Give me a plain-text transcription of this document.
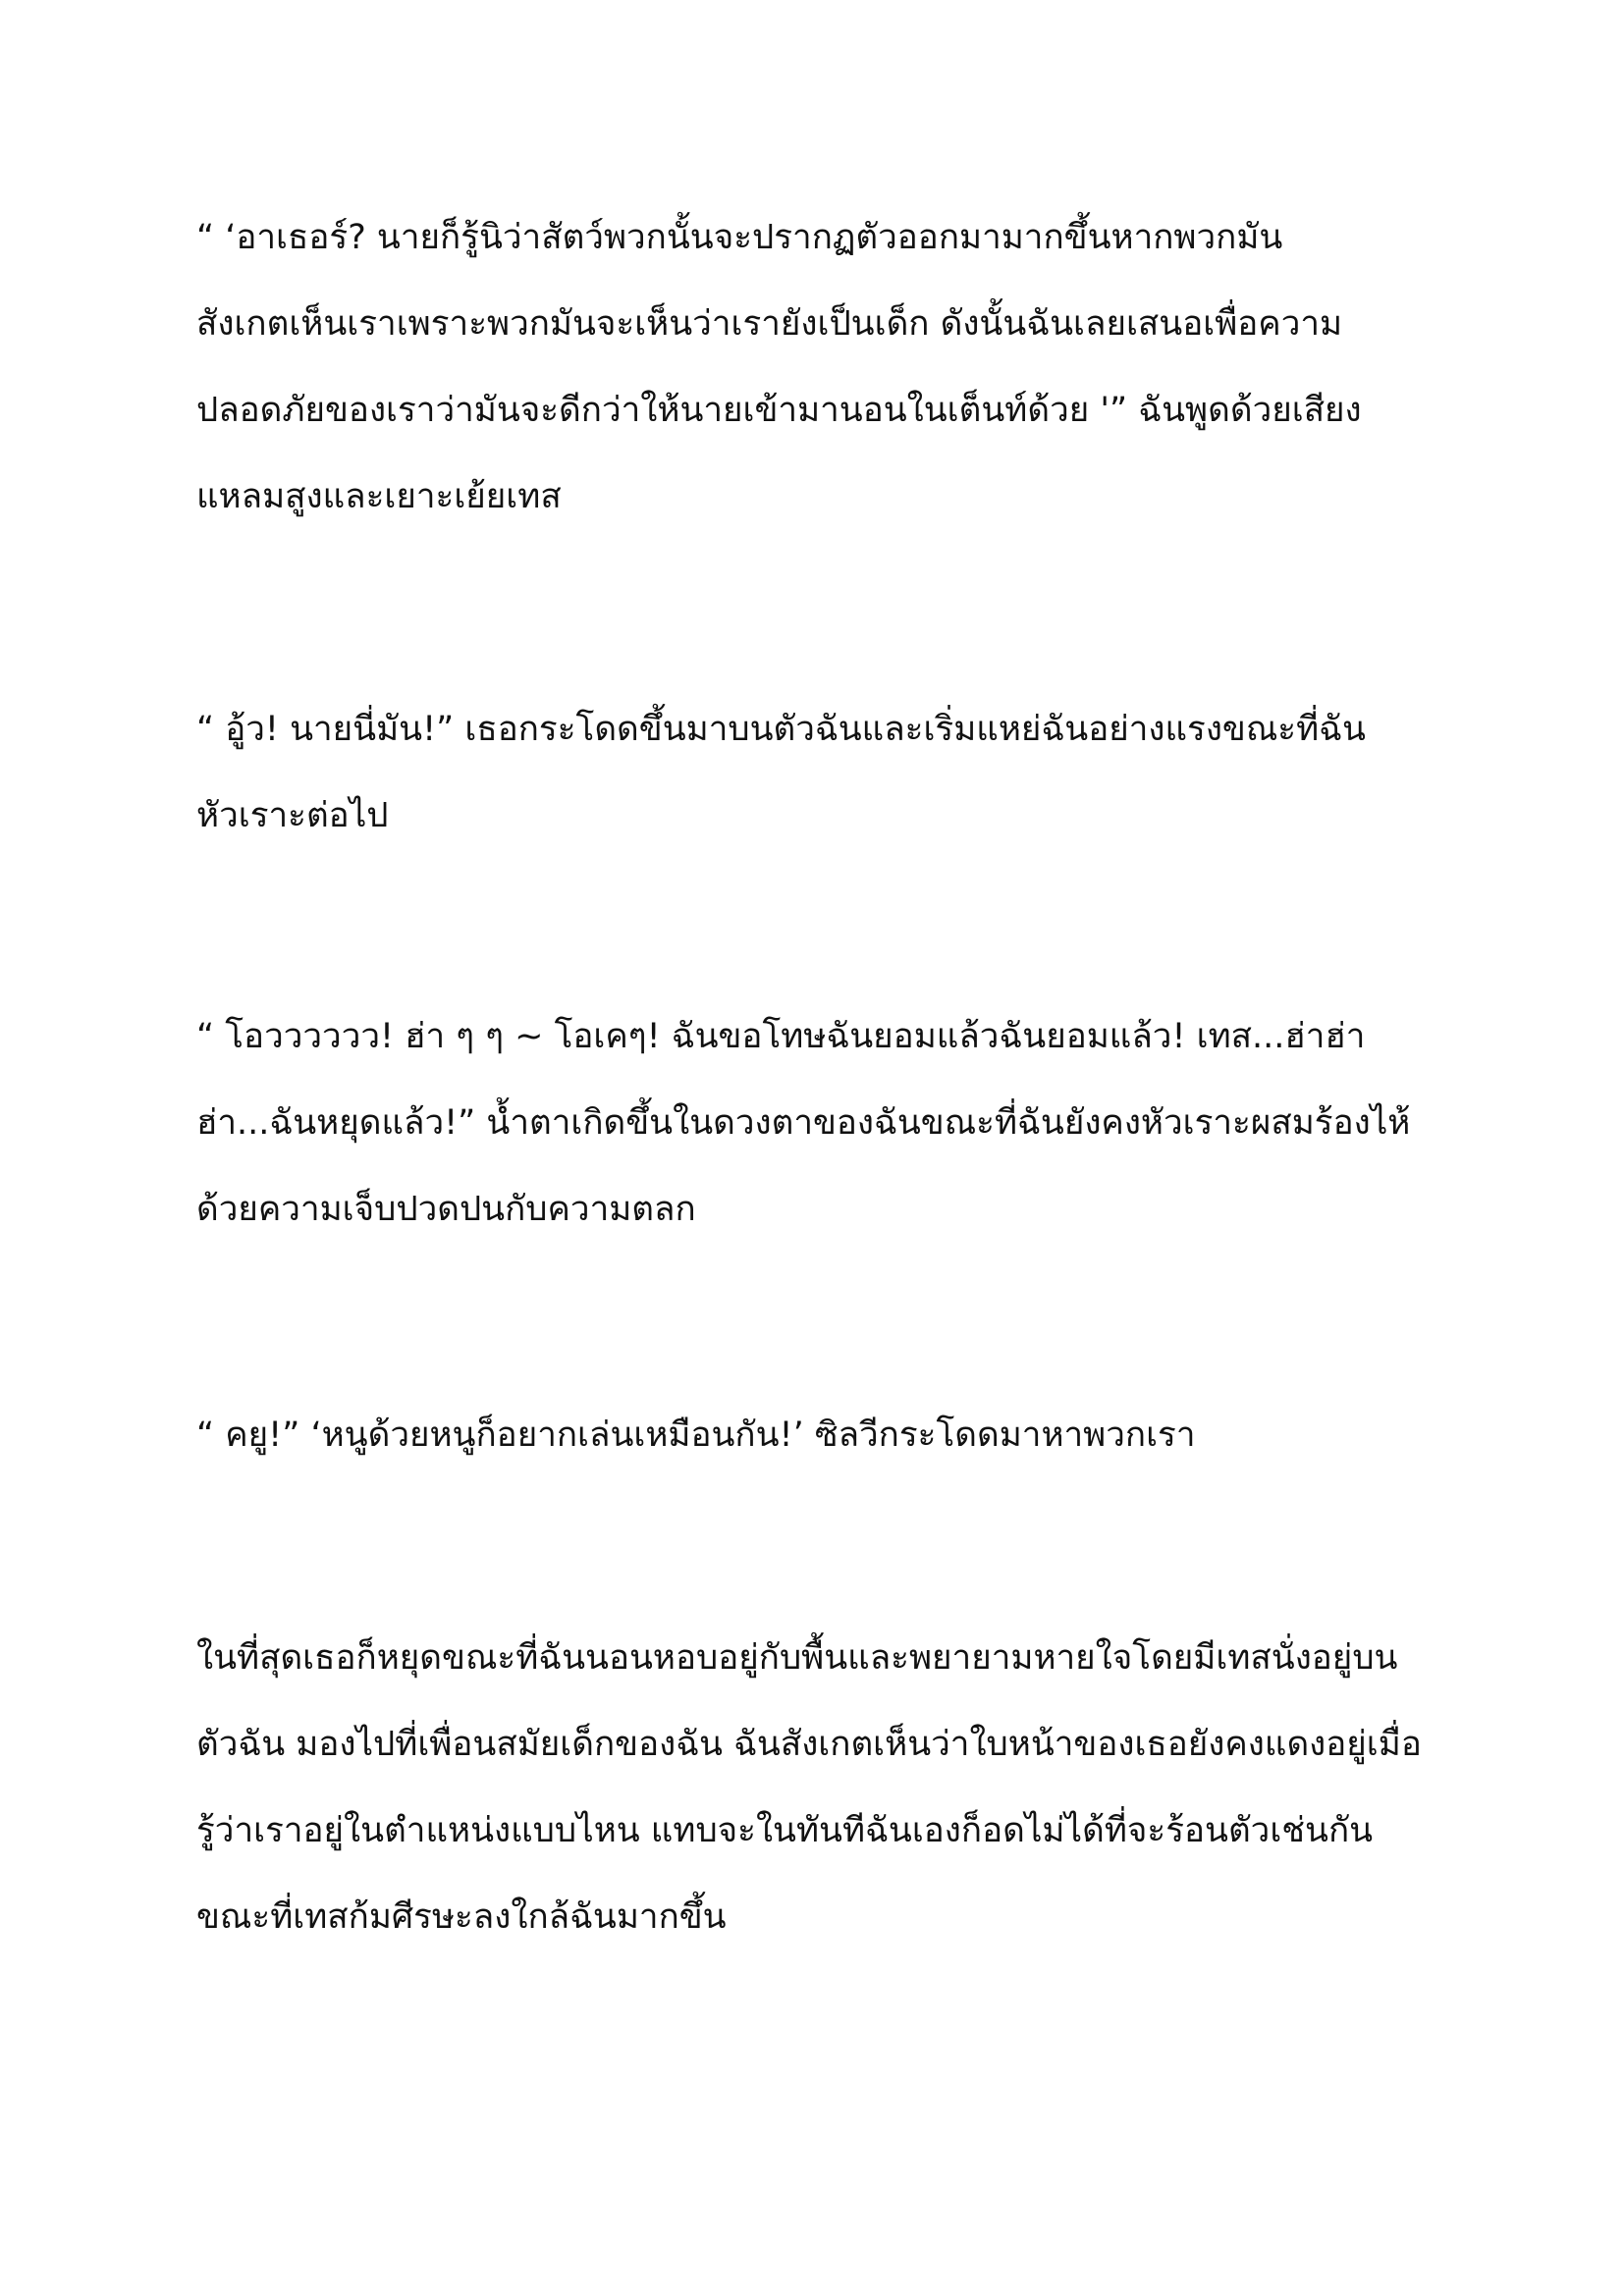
“ ‘อาเธอร์? นายก็รู้นิว่าสัตว์พวกนั้นจะปรากฏตัวออกมามากขึ้นหากพวกมัน
สังเกตเห็นเราเพราะพวกมันจะเห็นว่าเรายังเป็นเด็ก ดังนั้นฉันเลยเสนอเพื่อความ
ปลอดภัยของเราว่ามันจะดีกว่าให้นายเข้ามานอนในเต็นท์ด้วย '” ฉันพูดด้วยเสียง
แหลมสูงและเยาะเย้ยเทส

“ อู้ว! นายนี่มัน!” เธอกระโดดขึ้นมาบนตัวฉันและเริ่มแหย่ฉันอย่างแรงขณะที่ฉัน
หัวเราะต่อไป

“ โอวววววว! ฮ่า ๆ ๆ ~ โอเคๆ! ฉันขอโทษฉันยอมแล้วฉันยอมแล้ว! เทส...ฮ่าฮ่า
ฮ่า...ฉันหยุดแล้ว!” น้ำตาเกิดขึ้นในดวงตาของฉันขณะที่ฉันยังคงหัวเราะผสมร้องไห้
ด้วยความเจ็บปวดปนกับความตลก

“ คยู!” ‘หนูด้วยหนูก็อยากเล่นเหมือนกัน!’ ซิลวีกระโดดมาหาพวกเรา

ในที่สุดเธอก็หยุดขณะที่ฉันนอนหอบอยู่กับพื้นและพยายามหายใจโดยมีเทสนั่งอยู่บน
ตัวฉัน มองไปที่เพื่อนสมัยเด็กของฉัน ฉันสังเกตเห็นว่าใบหน้าของเธอยังคงแดงอยู่เมื่อ
รู้ว่าเราอยู่ในตำแหน่งแบบไหน แทบจะในทันทีฉันเองก็อดไม่ได้ที่จะร้อนตัวเช่นกัน
ขณะที่เทสก้มศีรษะลงใกล้ฉันมากขึ้น
